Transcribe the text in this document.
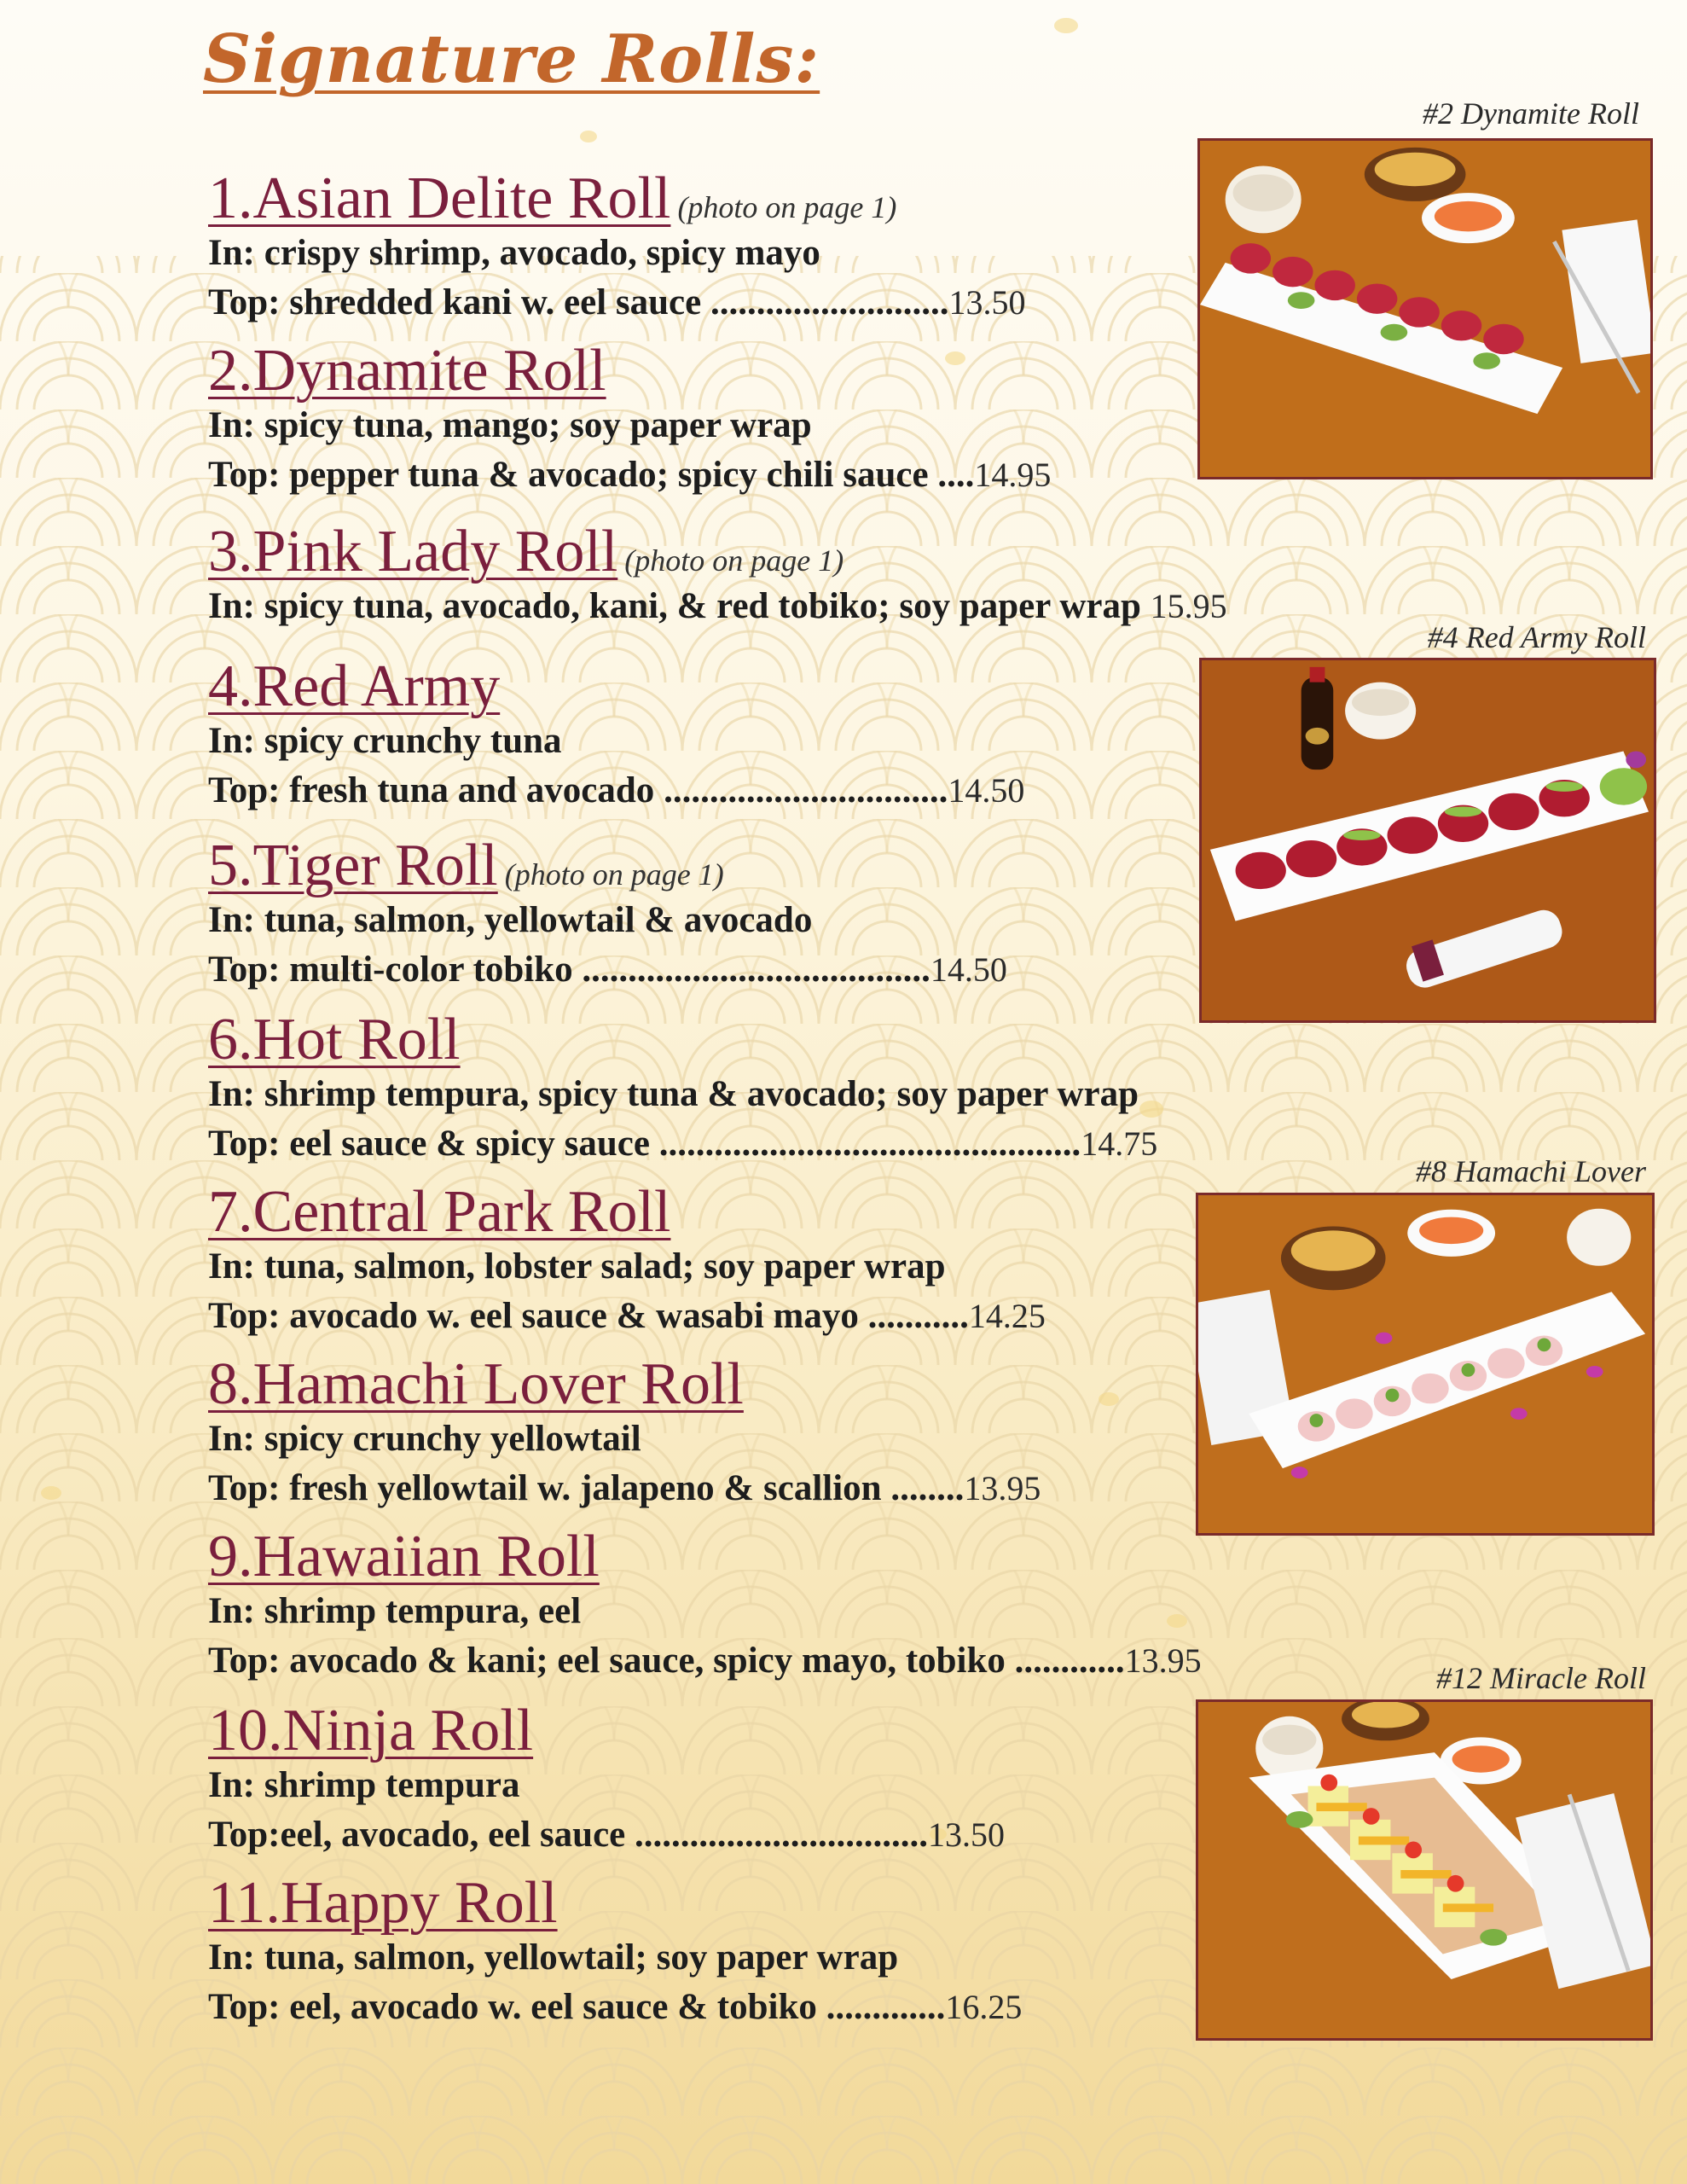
Signature Rolls:
1.Asian Delite Roll (photo on page 1)
In: crispy shrimp, avocado, spicy mayo
Top: shredded kani w. eel sauce ..........................13.50
2.Dynamite Roll
In: spicy tuna, mango; soy paper wrap
Top: pepper tuna & avocado; spicy chili sauce ....14.95
3.Pink Lady Roll (photo on page 1)
In: spicy tuna, avocado, kani, & red tobiko; soy paper wrap 15.95
4.Red Army
In: spicy crunchy tuna
Top: fresh tuna and avocado ...............................14.50
5.Tiger Roll (photo on page 1)
In: tuna, salmon, yellowtail & avocado
Top: multi-color tobiko ......................................14.50
6.Hot Roll
In: shrimp tempura, spicy tuna & avocado; soy paper wrap
Top: eel sauce & spicy sauce ..............................................14.75
7.Central Park Roll
In: tuna, salmon, lobster salad; soy paper wrap
Top: avocado w. eel sauce & wasabi mayo ...........14.25
8.Hamachi Lover Roll
In: spicy crunchy yellowtail
Top: fresh yellowtail w. jalapeno & scallion ........13.95
9.Hawaiian Roll
In: shrimp tempura, eel
Top: avocado & kani; eel sauce, spicy mayo, tobiko ............13.95
10.Ninja Roll
In: shrimp tempura
Top:eel, avocado, eel sauce ................................13.50
11.Happy Roll
In: tuna, salmon, yellowtail; soy paper wrap
Top: eel, avocado w. eel sauce & tobiko .............16.25
#2 Dynamite Roll
#4 Red Army Roll
#8 Hamachi Lover
#12 Miracle Roll
